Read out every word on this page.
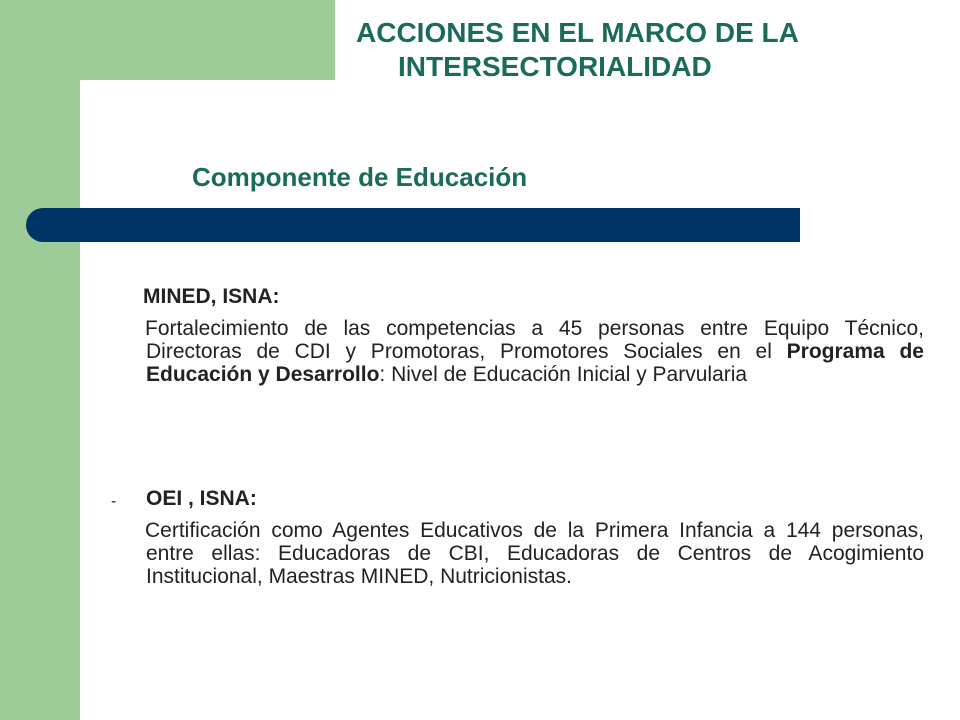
ACCIONES EN EL MARCO DE LA
INTERSECTORIALIDAD
Componente de Educación

MINED, ISNA:

Fortalecimiento de las competencias a 45 personas entre Equipo Técnico, Directoras de CDI y Promotoras, Promotores Sociales en el Programa de Educación y Desarrollo: Nivel de Educación Inicial y Parvularia

- OEI , ISNA:

Certificación como Agentes Educativos de la Primera Infancia a 144 personas, entre ellas: Educadoras de CBI, Educadoras de Centros de Acogimiento Institucional, Maestras MINED, Nutricionistas.
